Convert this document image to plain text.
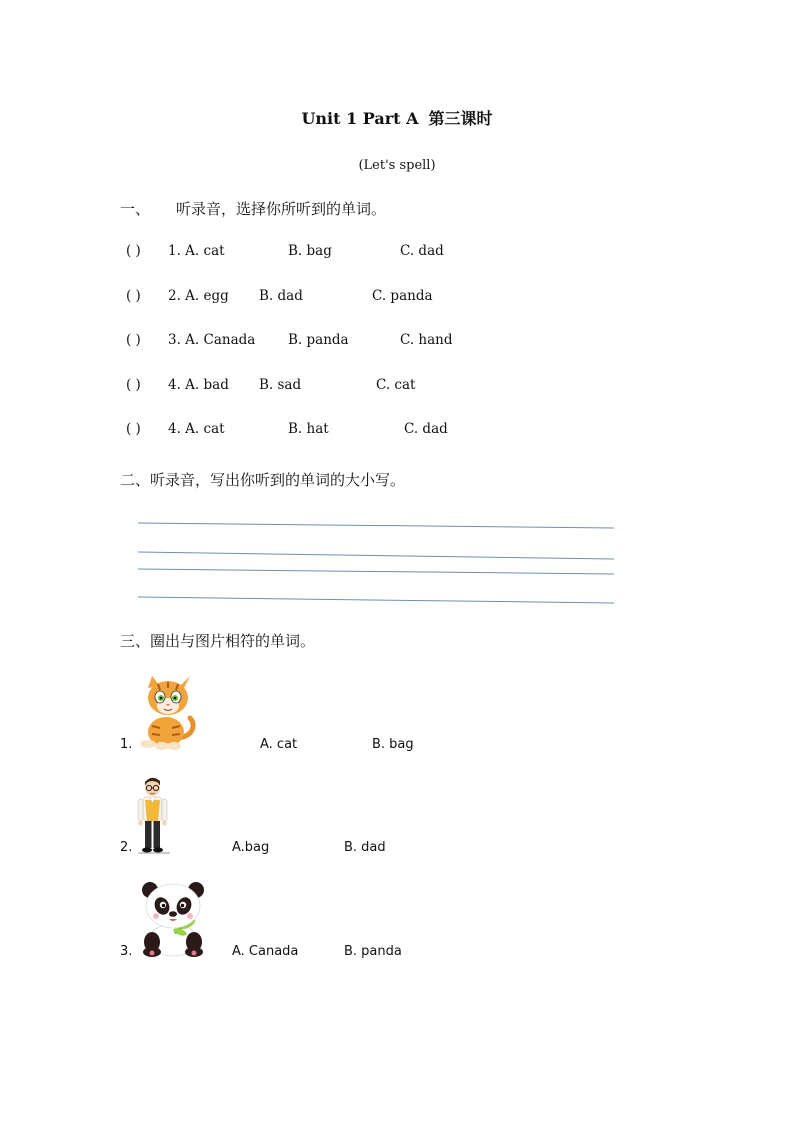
Unit 1 Part A 第三课时
(Let's spell)
一、 听录音，选择你所听到的单词。
( ) 1. A. cat	B. bag	C. dad
( ) 2. A. egg B. dad	C. panda
( ) 3. A. Canada B. panda	C. hand
( ) 4. A. bad B. sad	C. cat
( ) 4. A. cat	B. hat	C. dad
二、听录音，写出你听到的单词的大小写。
三、圈出与图片相符的单词。
1.	A. cat	B. bag
2.	A.bag	B. dad
3.	A. Canada	B. panda
